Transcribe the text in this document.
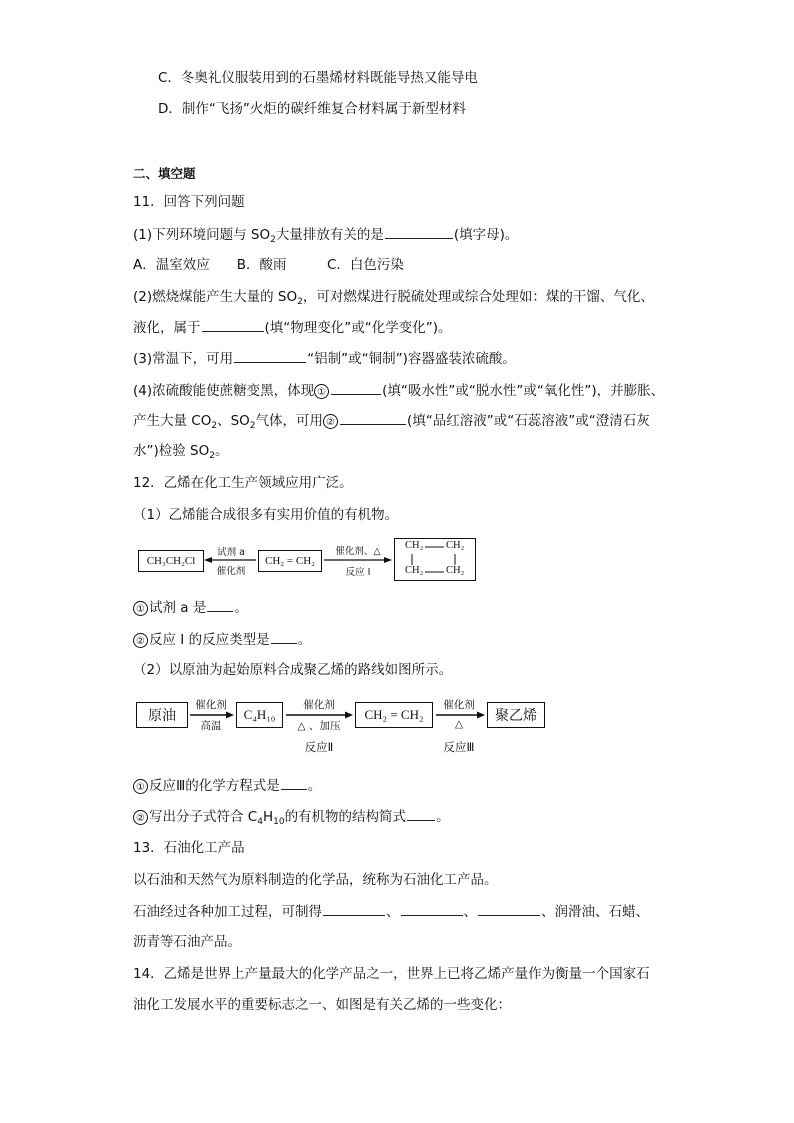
C．冬奥礼仪服装用到的石墨烯材料既能导热又能导电
D．制作“飞扬”火炬的碳纤维复合材料属于新型材料
二、填空题
11．回答下列问题
(1)下列环境问题与 $SO_2$大量排放有关的是	(填字母)。
A．温室效应　　B．酸雨　　　C．白色污染
(2)燃烧煤能产生大量的 $SO_2$，可对燃煤进行脱硫处理或综合处理如：煤的干馏、气化、
液化，属于	(填“物理变化”或“化学变化”)。
(3)常温下，可用	“铝制”或“铜制”)容器盛装浓硫酸。
(4)浓硫酸能使蔗糖变黑，体现 ①	(填“吸水性”或“脱水性”或“氧化性”)，并膨胀、
产生大量 $CO_2$、$SO_2$气体，可用 ②	(填“品红溶液”或“石蕊溶液”或“澄清石灰
水”)检验 $SO_2$。
12．乙烯在化工生产领域应用广泛。
（1）乙烯能合成很多有实用价值的有机物。
CH₃CH₂Cl
试剂 a
催化剂
CH₂ = CH₂
催化剂、△
反应 I
CH₂ CH₂
CH₂ CH₂
① 试剂 a 是 。
② 反应 I 的反应类型是 。
（2）以原油为起始原料合成聚乙烯的路线如图所示。
原油
催化剂
高温
C₄H₁₀
催化剂
△ 、加压
CH₂ = CH₂
催化剂
△	聚乙烯
反应Ⅱ	反应Ⅲ
① 反应Ⅲ的化学方程式是 。
② 写出分子式符合 $C_4H_{10}$的有机物的结构简式 。
13．石油化工产品
以石油和天然气为原料制造的化学品，统称为石油化工产品。
石油经过各种加工过程，可制得	、	、	、润滑油、石蜡、
沥青等石油产品。
14．乙烯是世界上产量最大的化学产品之一，世界上已将乙烯产量作为衡量一个国家石
油化工发展水平的重要标志之一、如图是有关乙烯的一些变化：
